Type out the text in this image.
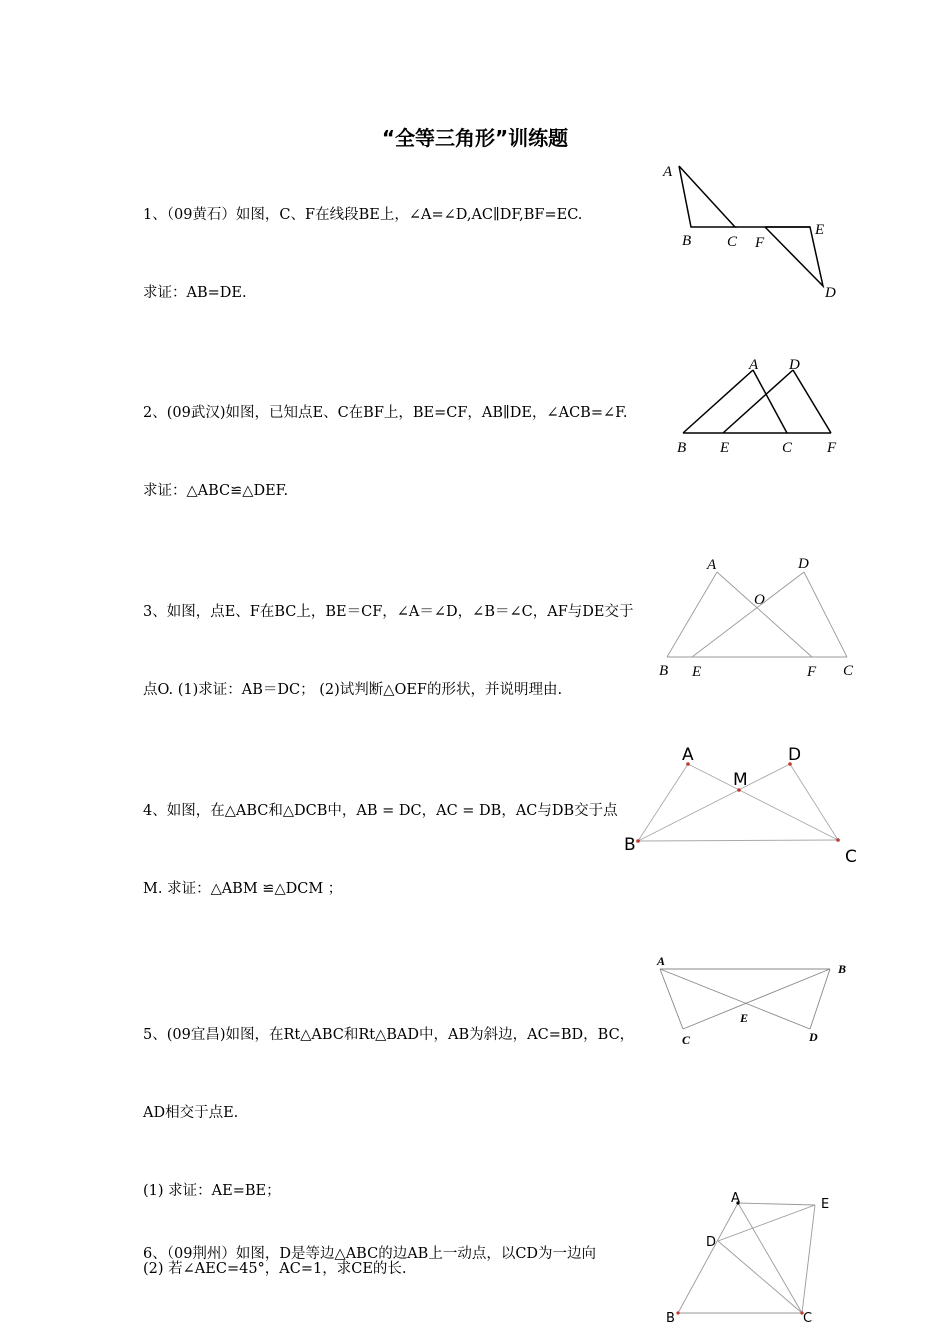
“全等三角形”训练题

1、（09黄石）如图，C、F在线段BE上，∠A=∠D,AC∥DF,BF=EC.

求证：AB=DE.

A
B C F
E
D

2、(09武汉)如图，已知点E、C在BF上，BE=CF，AB∥DE，∠ACB=∠F.

求证：△ABC≌△DEF.

A D
B E	C F

3、如图，点E、F在BC上，BE＝CF，∠A＝∠D，∠B＝∠C，AF与DE交于

点O. (1)求证：AB＝DC； (2)试判断△OEF的形状，并说明理由.

A	D
O
B E	F C

4、如图，在△ABC和△DCB中，AB = DC，AC = DB，AC与DB交于点

M. 求证：△ABM ≌△DCM ；

A	D
M
B
C

5、(09宜昌)如图，在Rt△ABC和Rt△BAD中，AB为斜边，AC=BD，BC，

AD相交于点E.

(1) 求证：AE=BE；

(2) 若∠AEC=45°，AC=1，求CE的长.

A
B
E
C	D

6、（09荆州）如图，D是等边△ABC的边AB上一动点，以CD为一边向

A	E
D
B	C
